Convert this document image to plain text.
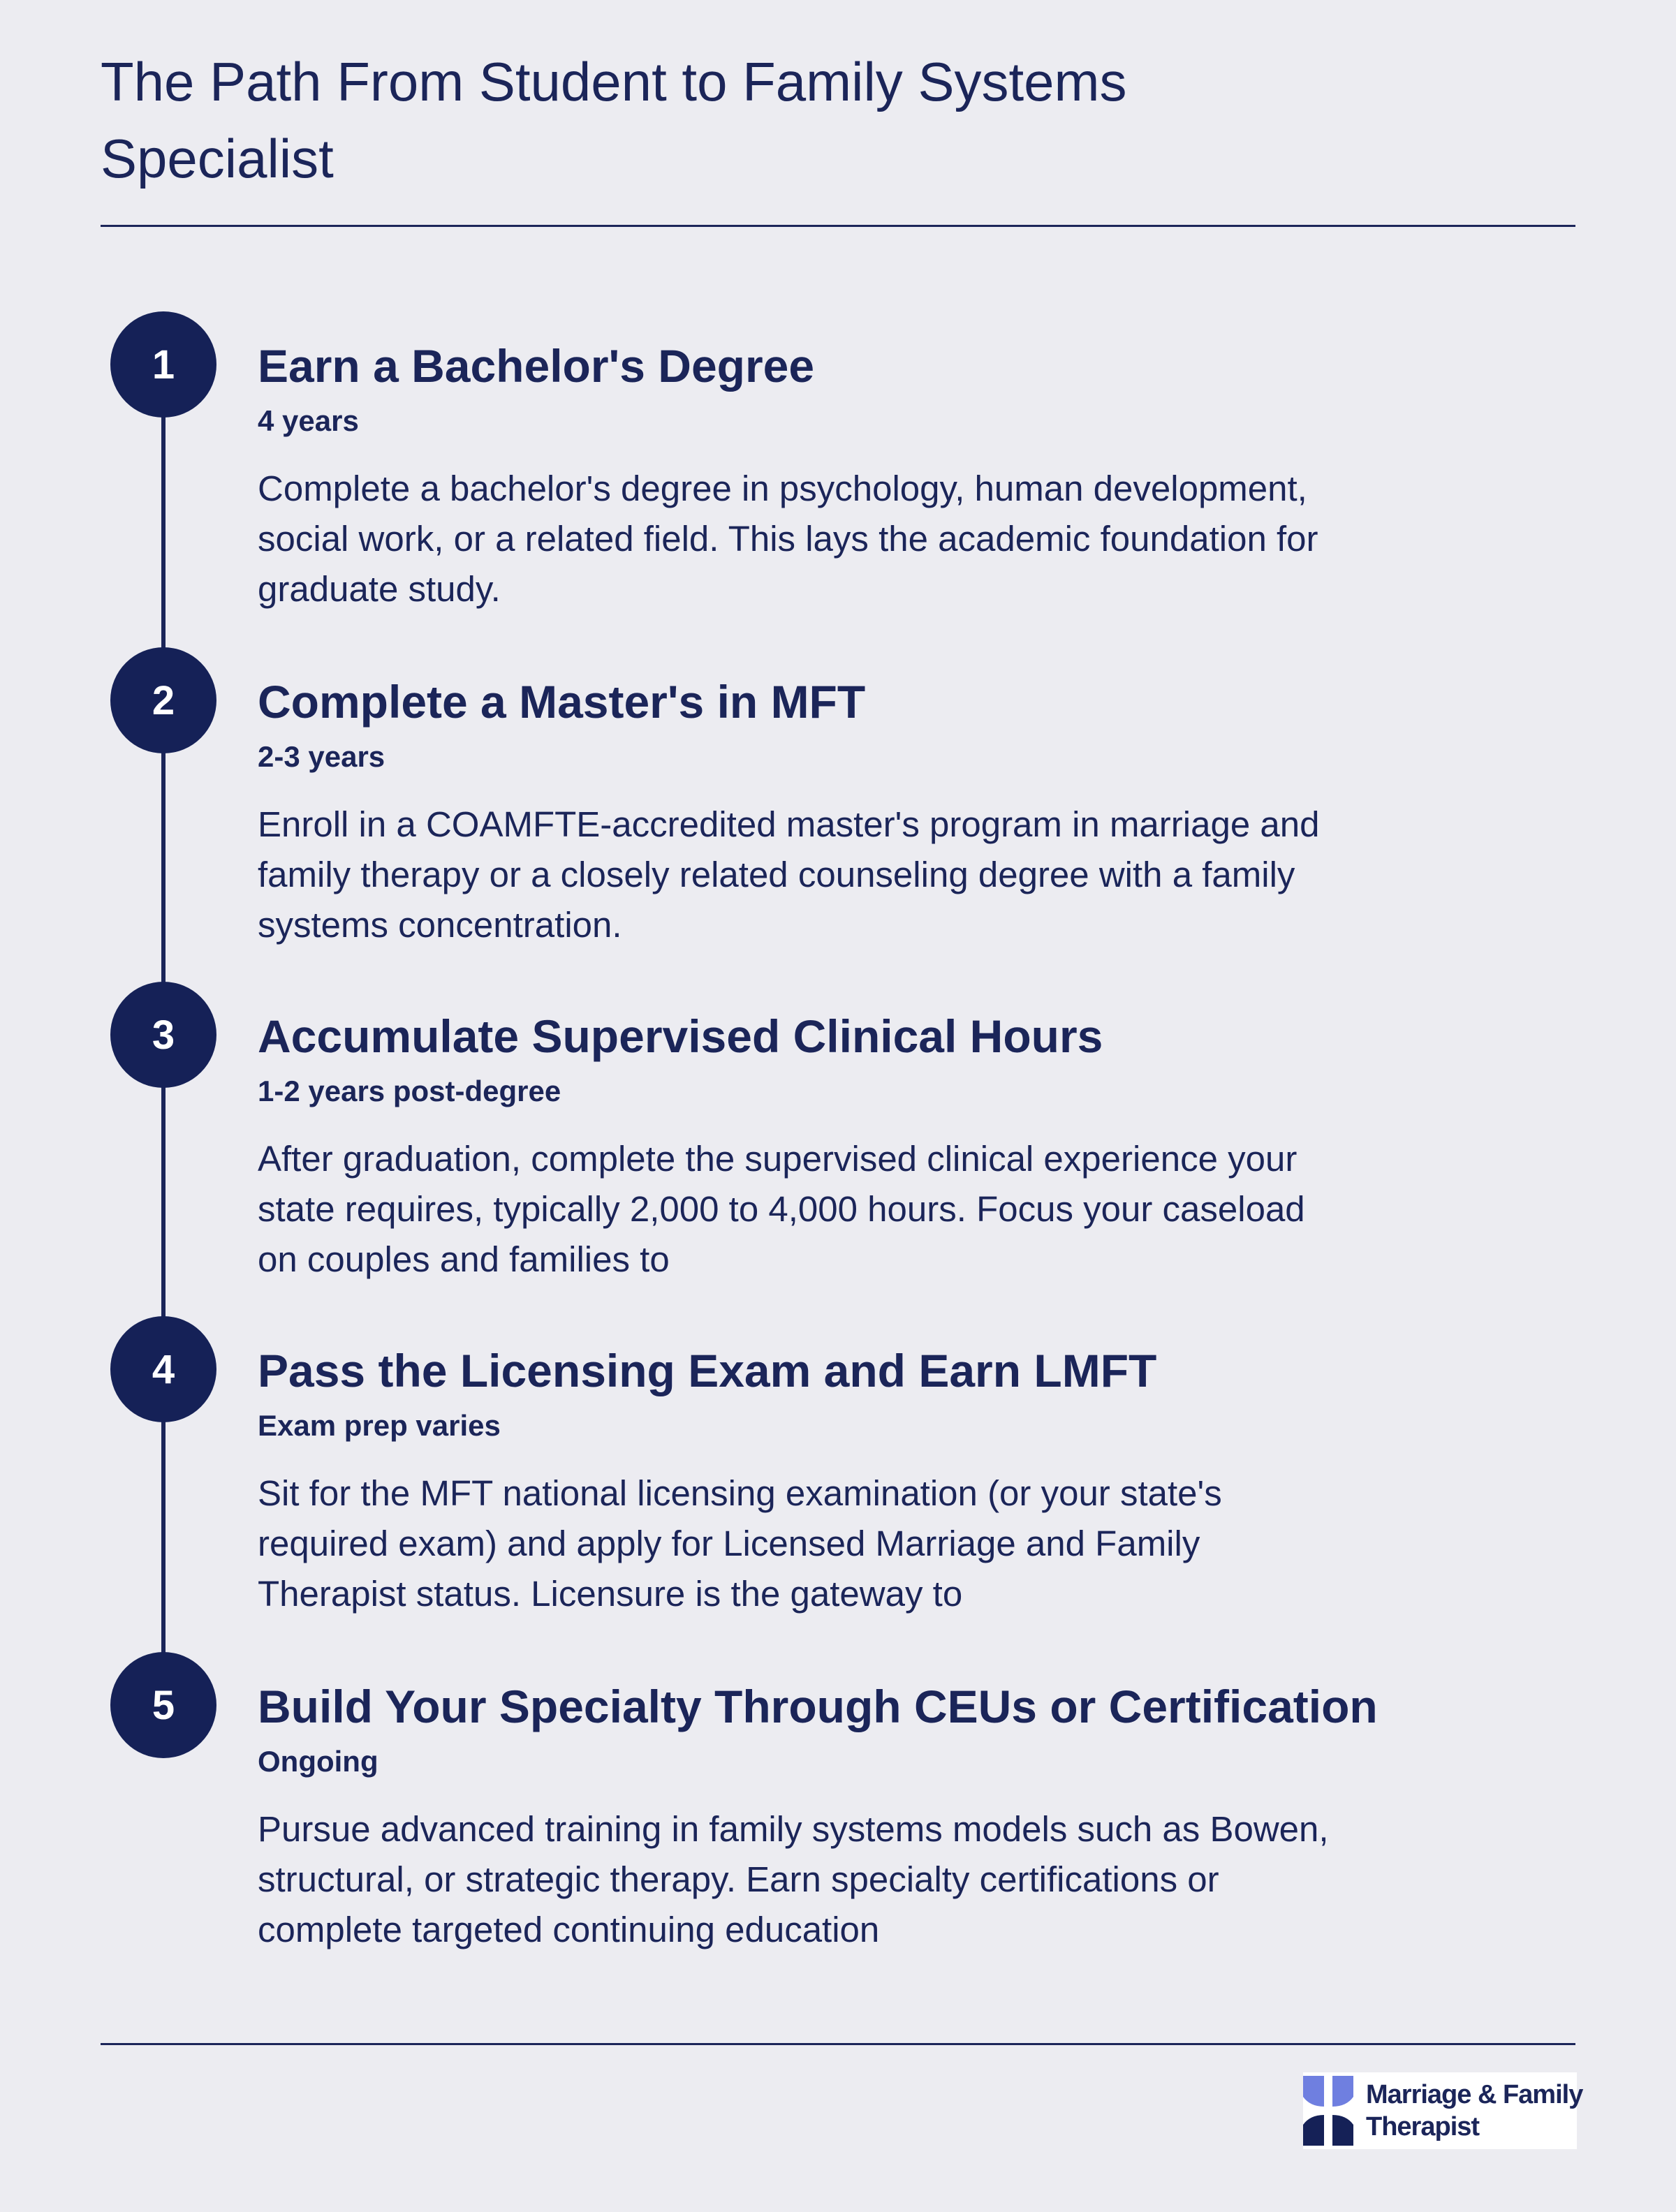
The Path From Student to Family Systems Specialist
1	Earn a Bachelor's Degree
4 years
Complete a bachelor's degree in psychology, human development, social work, or a related field. This lays the academic foundation for graduate study.
2	Complete a Master's in MFT
2-3 years
Enroll in a COAMFTE-accredited master's program in marriage and family therapy or a closely related counseling degree with a family systems concentration.
3	Accumulate Supervised Clinical Hours
1-2 years post-degree
After graduation, complete the supervised clinical experience your state requires, typically 2,000 to 4,000 hours. Focus your caseload on couples and families to
4	Pass the Licensing Exam and Earn LMFT
Exam prep varies
Sit for the MFT national licensing examination (or your state's required exam) and apply for Licensed Marriage and Family Therapist status. Licensure is the gateway to
5	Build Your Specialty Through CEUs or Certification
Ongoing
Pursue advanced training in family systems models such as Bowen, structural, or strategic therapy. Earn specialty certifications or complete targeted continuing education
Marriage & Family
Therapist
